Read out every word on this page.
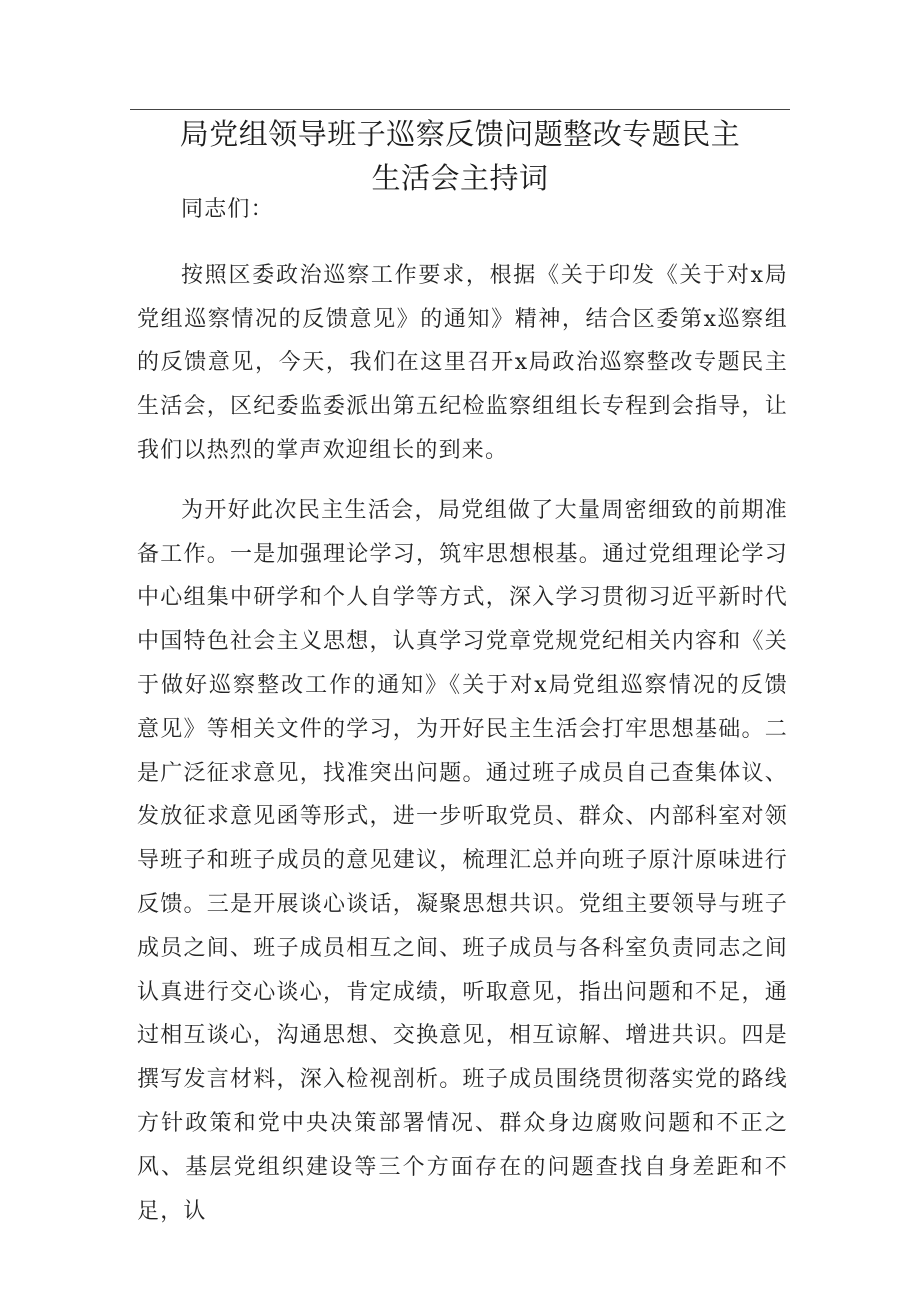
局党组领导班子巡察反馈问题整改专题民主
生活会主持词

同志们：

按照区委政治巡察工作要求，根据《关于印发《关于对x局党组巡察情况的反馈意见》的通知》精神，结合区委第x巡察组的反馈意见，今天，我们在这里召开x局政治巡察整改专题民主生活会，区纪委监委派出第五纪检监察组组长专程到会指导，让我们以热烈的掌声欢迎组长的到来。

为开好此次民主生活会，局党组做了大量周密细致的前期准备工作。一是加强理论学习，筑牢思想根基。通过党组理论学习中心组集中研学和个人自学等方式，深入学习贯彻习近平新时代中国特色社会主义思想，认真学习党章党规党纪相关内容和《关于做好巡察整改工作的通知》《关于对x局党组巡察情况的反馈意见》等相关文件的学习，为开好民主生活会打牢思想基础。二是广泛征求意见，找准突出问题。通过班子成员自己查集体议、发放征求意见函等形式，进一步听取党员、群众、内部科室对领导班子和班子成员的意见建议，梳理汇总并向班子原汁原味进行反馈。三是开展谈心谈话，凝聚思想共识。党组主要领导与班子成员之间、班子成员相互之间、班子成员与各科室负责同志之间认真进行交心谈心，肯定成绩，听取意见，指出问题和不足，通过相互谈心，沟通思想、交换意见，相互谅解、增进共识。四是撰写发言材料，深入检视剖析。班子成员围绕贯彻落实党的路线方针政策和党中央决策部署情况、群众身边腐败问题和不正之风、基层党组织建设等三个方面存在的问题查找自身差距和不足，认
